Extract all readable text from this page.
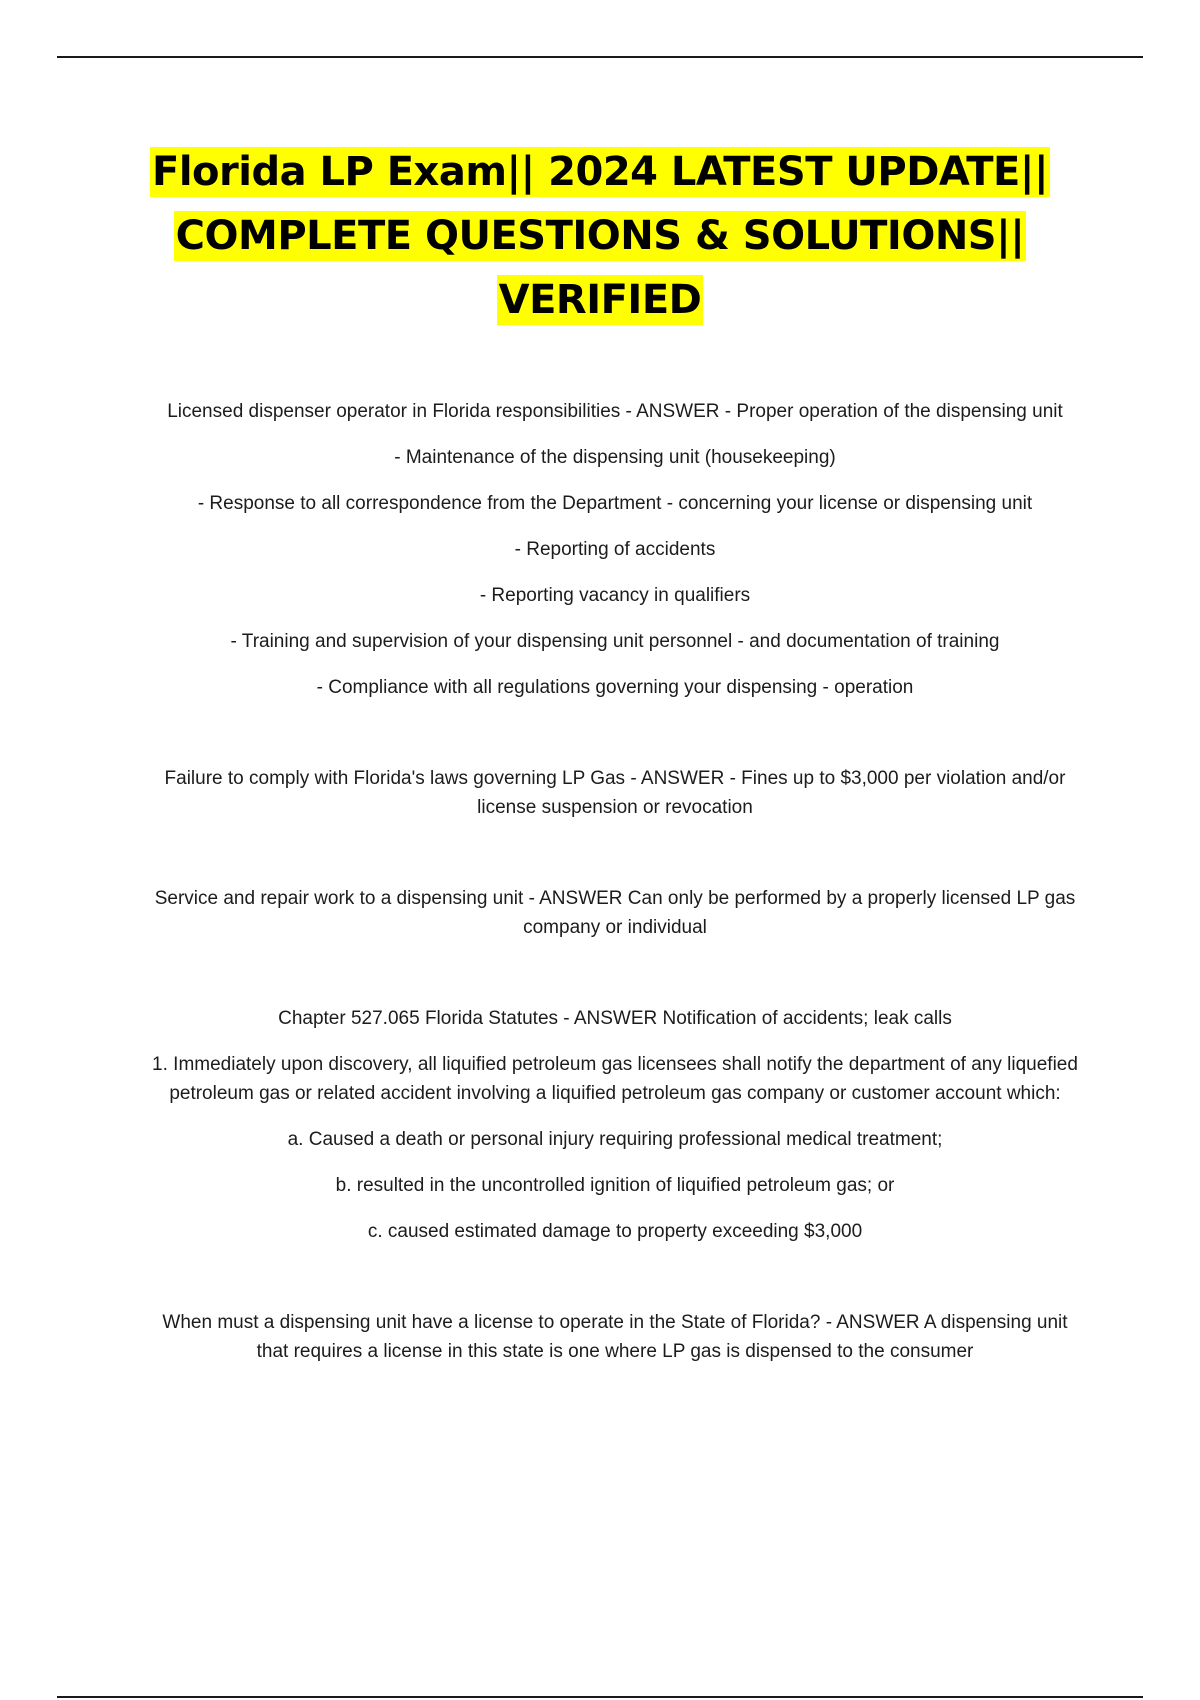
Florida LP Exam|| 2024 LATEST UPDATE|| COMPLETE QUESTIONS & SOLUTIONS|| VERIFIED

Licensed dispenser operator in Florida responsibilities - ANSWER - Proper operation of the dispensing unit

- Maintenance of the dispensing unit (housekeeping)

- Response to all correspondence from the Department - concerning your license or dispensing unit

- Reporting of accidents

- Reporting vacancy in qualifiers

- Training and supervision of your dispensing unit personnel - and documentation of training

- Compliance with all regulations governing your dispensing - operation

Failure to comply with Florida's laws governing LP Gas - ANSWER - Fines up to $3,000 per violation and/or license suspension or revocation

Service and repair work to a dispensing unit - ANSWER Can only be performed by a properly licensed LP gas company or individual

Chapter 527.065 Florida Statutes - ANSWER Notification of accidents; leak calls

1. Immediately upon discovery, all liquified petroleum gas licensees shall notify the department of any liquefied petroleum gas or related accident involving a liquified petroleum gas company or customer account which:

a. Caused a death or personal injury requiring professional medical treatment;

b. resulted in the uncontrolled ignition of liquified petroleum gas; or

c. caused estimated damage to property exceeding $3,000

When must a dispensing unit have a license to operate in the State of Florida? - ANSWER A dispensing unit that requires a license in this state is one where LP gas is dispensed to the consumer
